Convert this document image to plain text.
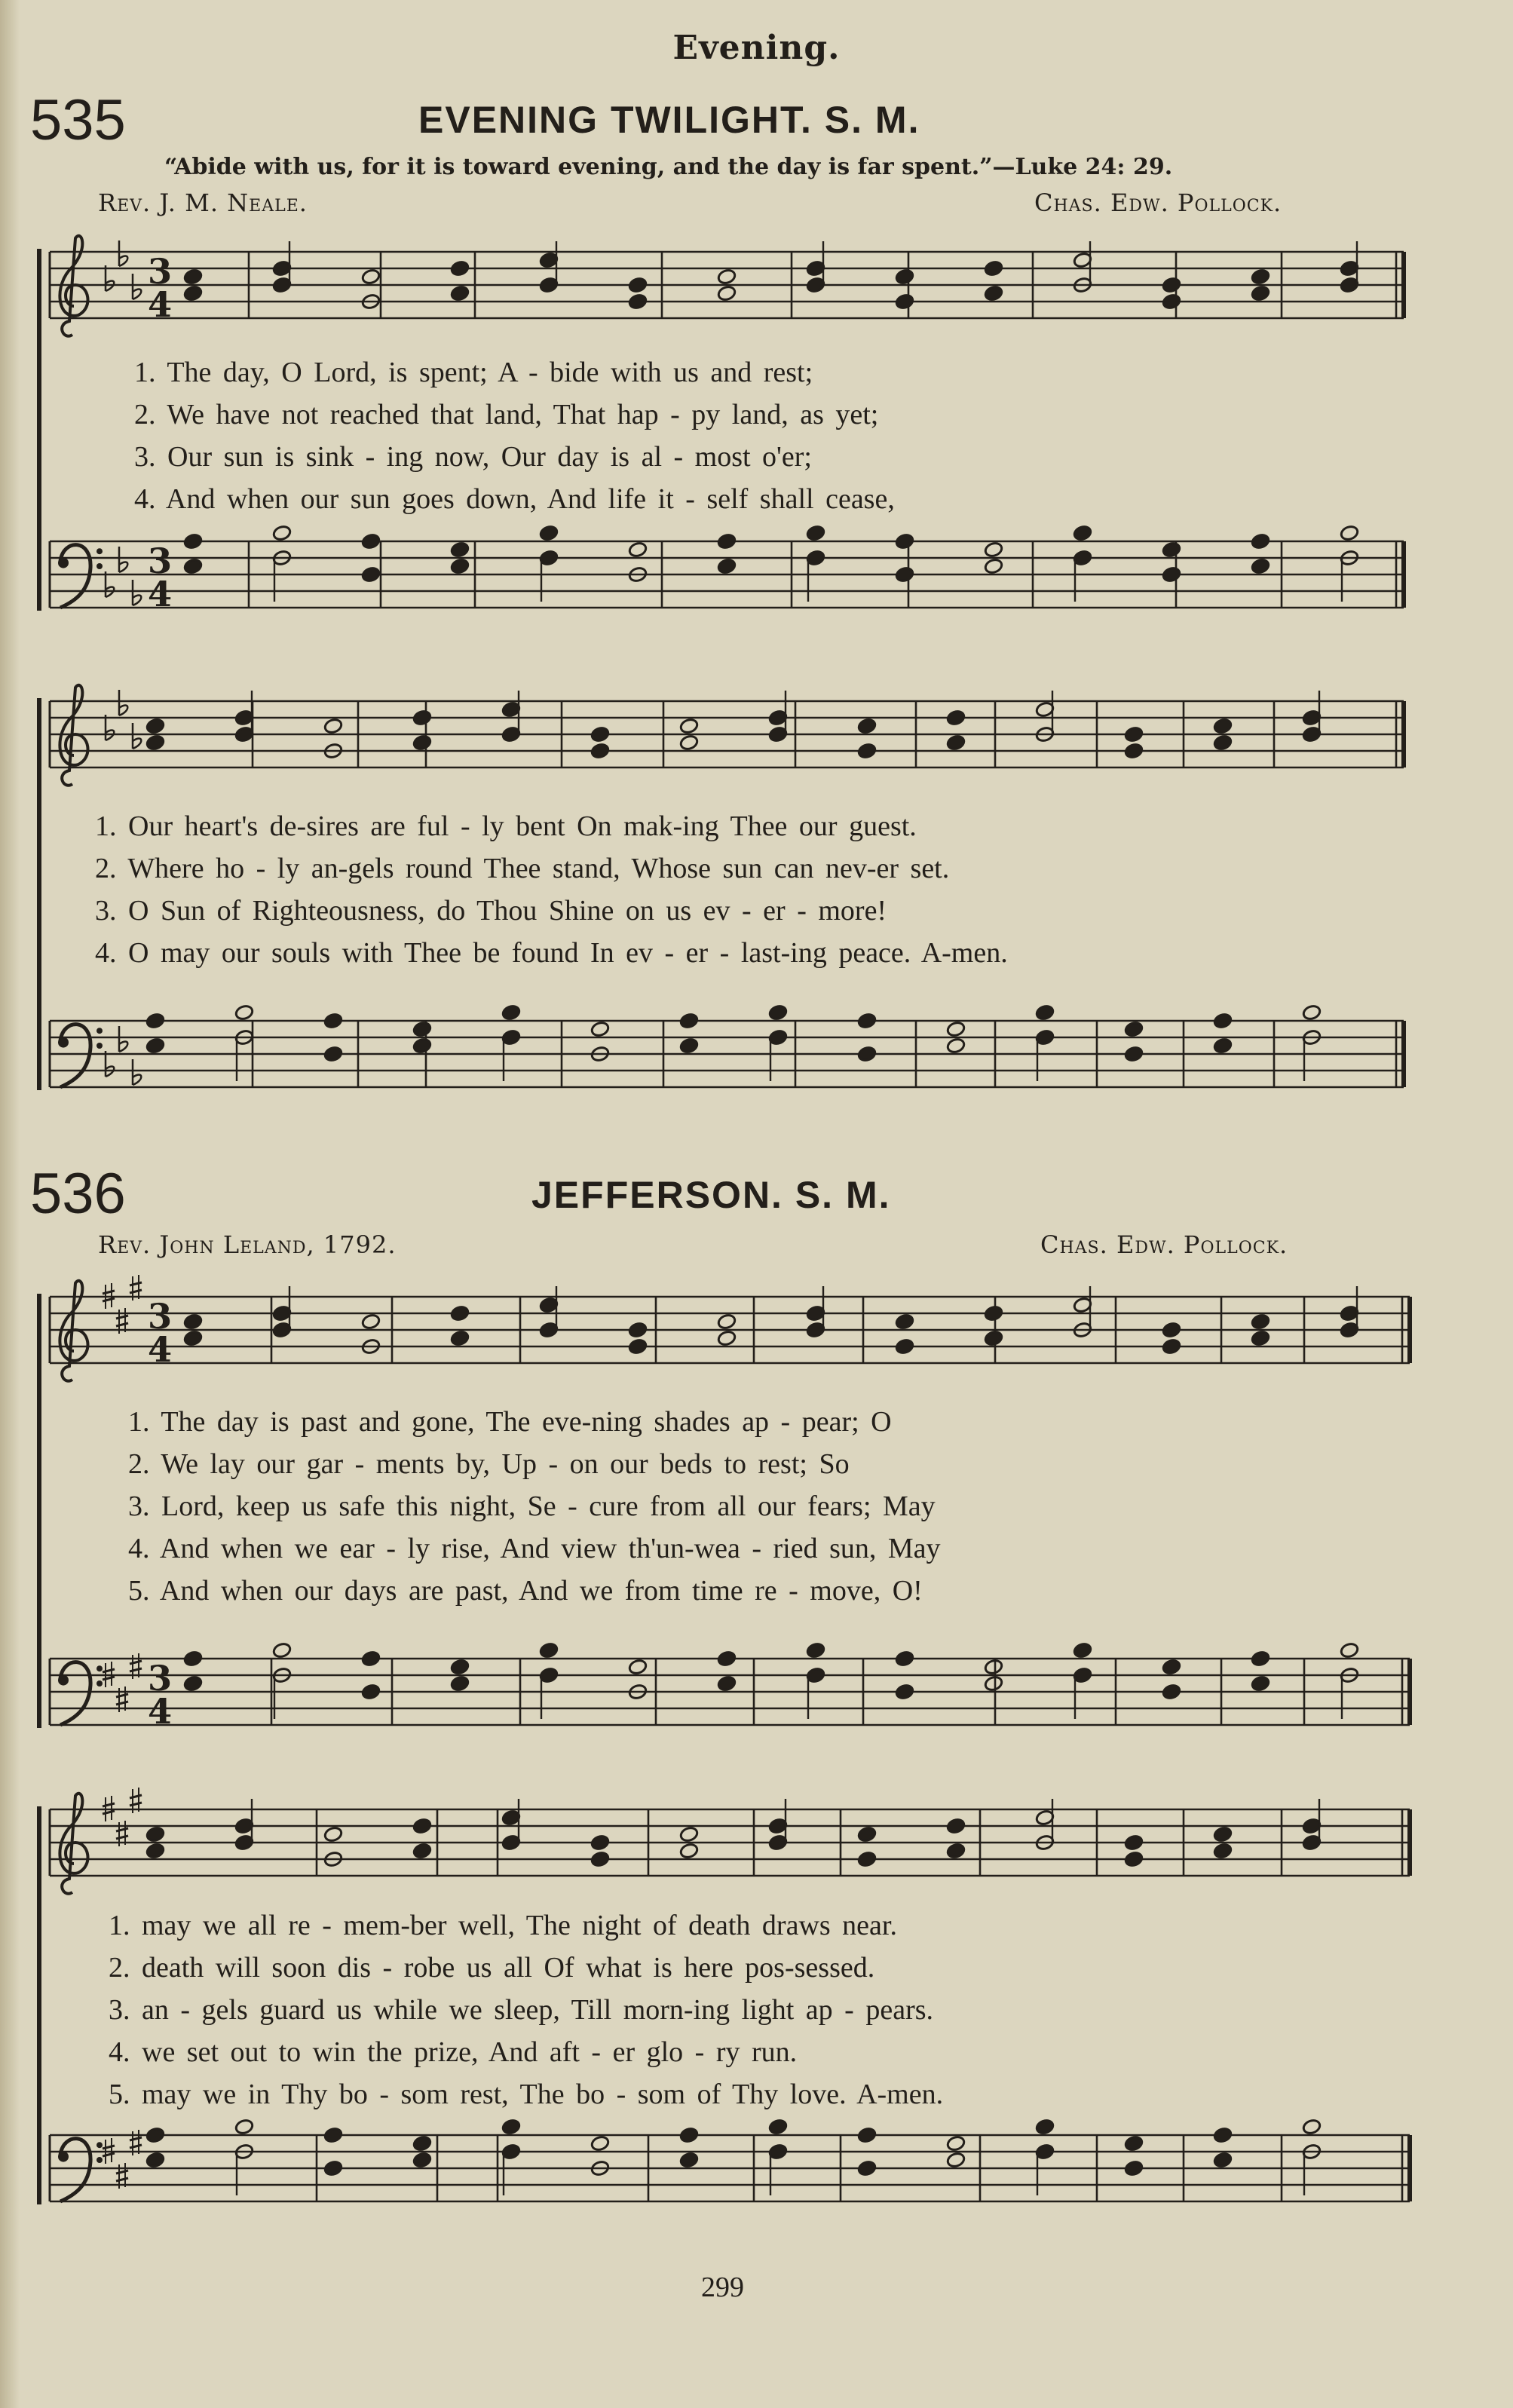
Evening.
535	EVENING TWILIGHT. S. M.
“Abide with us, for it is toward evening, and the day is far spent.”—Luke 24: 29.
Rev. J. M. Neale.	Chas. Edw. Pollock.
1. The day, O Lord, is spent; A - bide with us and rest;
2. We have not reached that land, That hap - py land, as yet;
3. Our sun is sink - ing now, Our day is al - most o'er;
4. And when our sun goes down, And life it - self shall cease,
1. Our heart's de-sires are ful - ly bent On mak-ing Thee our guest.
2. Where ho - ly an-gels round Thee stand, Whose sun can nev-er set.
3. O Sun of Righteousness, do Thou Shine on us ev - er - more!
4. O may our souls with Thee be found In ev - er - last-ing peace. A-men.
536	JEFFERSON. S. M.
Rev. John Leland, 1792.	Chas. Edw. Pollock.
1. The day is past and gone, The eve-ning shades ap - pear; O
2. We lay our gar - ments by, Up - on our beds to rest; So
3. Lord, keep us safe this night, Se - cure from all our fears; May
4. And when we ear - ly rise, And view th'un-wea - ried sun, May
5. And when our days are past, And we from time re - move, O!
1. may we all re - mem-ber well, The night of death draws near.
2. death will soon dis - robe us all Of what is here pos-sessed.
3. an - gels guard us while we sleep, Till morn-ing light ap - pears.
4. we set out to win the prize, And aft - er glo - ry run.
5. may we in Thy bo - som rest, The bo - som of Thy love. A-men.
299
3
4
3
4
3
4
3
4
